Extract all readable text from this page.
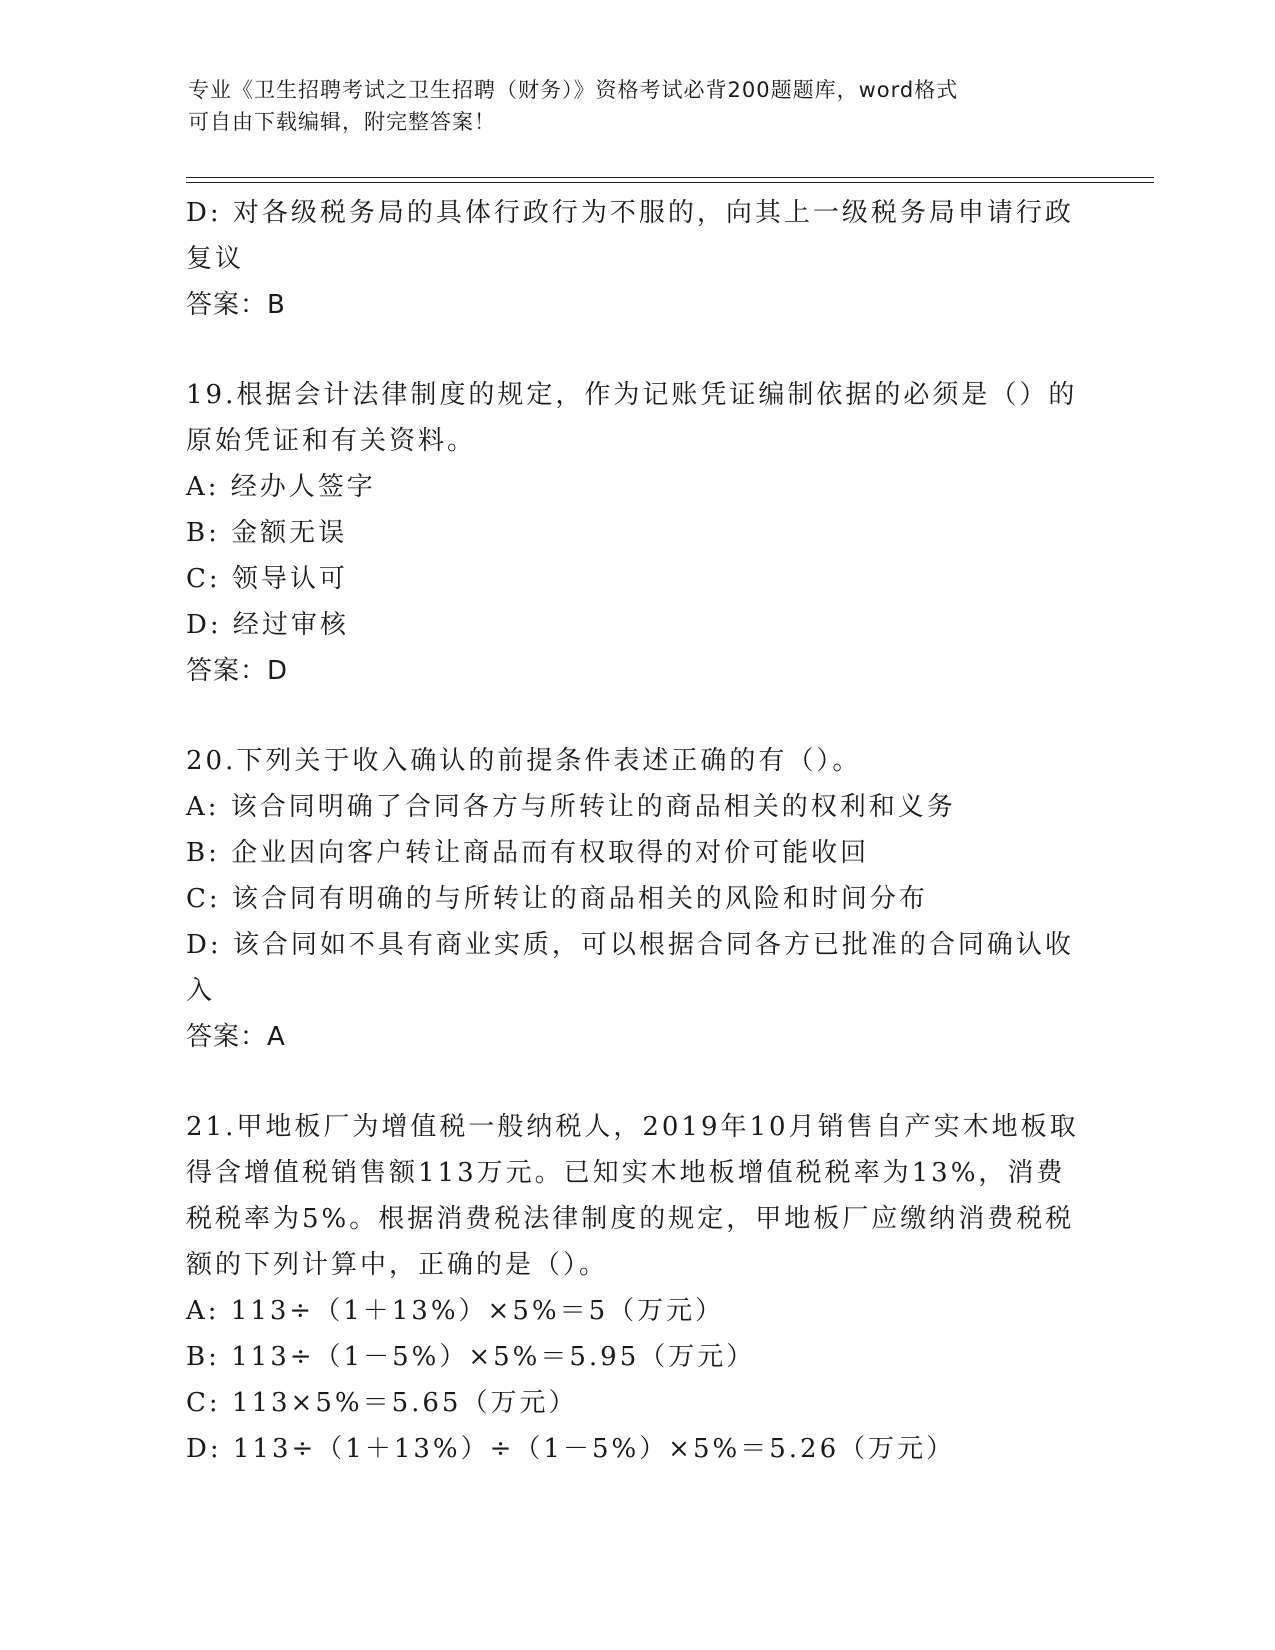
专业《卫生招聘考试之卫生招聘（财务）》资格考试必背200题题库，word格式
可自由下载编辑，附完整答案！
D: 对各级税务局的具体行政行为不服的，向其上一级税务局申请行政
复议
答案：B
19.根据会计法律制度的规定，作为记账凭证编制依据的必须是（）的
原始凭证和有关资料。
A: 经办人签字
B: 金额无误
C: 领导认可
D: 经过审核
答案：D
20.下列关于收入确认的前提条件表述正确的有（）。
A: 该合同明确了合同各方与所转让的商品相关的权利和义务
B: 企业因向客户转让商品而有权取得的对价可能收回
C: 该合同有明确的与所转让的商品相关的风险和时间分布
D: 该合同如不具有商业实质，可以根据合同各方已批准的合同确认收
入
答案：A
21.甲地板厂为增值税一般纳税人，2019年10月销售自产实木地板取
得含增值税销售额113万元。已知实木地板增值税税率为13%，消费
税税率为5%。根据消费税法律制度的规定，甲地板厂应缴纳消费税税
额的下列计算中，正确的是（）。
A: 113÷（1＋13%）×5%＝5（万元）
B: 113÷（1－5%）×5%＝5.95（万元）
C: 113×5%＝5.65（万元）
D: 113÷（1＋13%）÷（1－5%）×5%＝5.26（万元）
